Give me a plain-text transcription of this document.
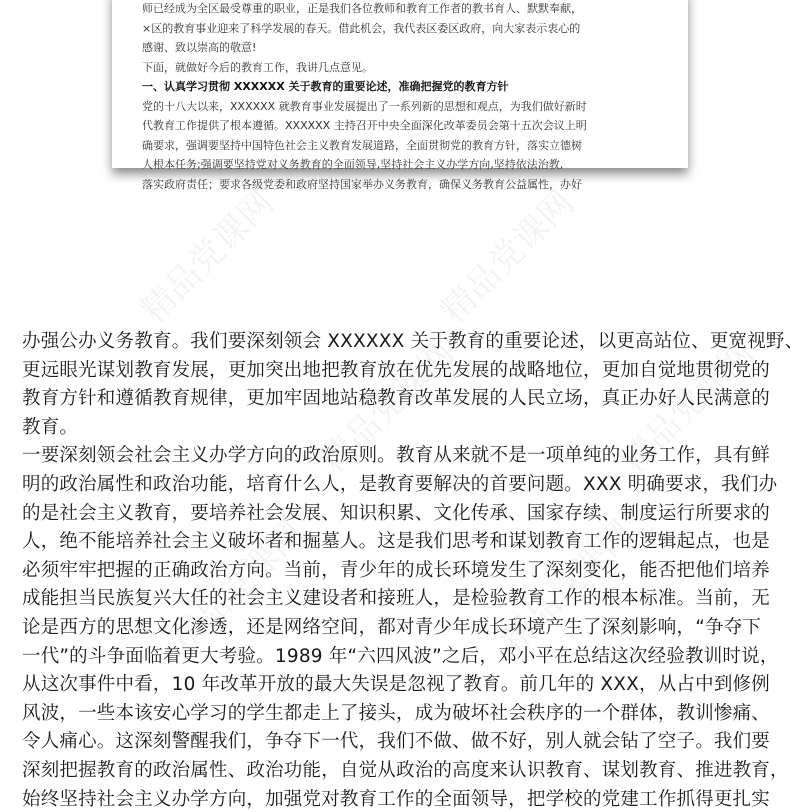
师已经成为全区最受尊重的职业，正是我们各位教师和教育工作者的教书育人、默默奉献，
×区的教育事业迎来了科学发展的春天。借此机会，我代表区委区政府，向大家表示衷心的
感谢、致以崇高的敬意!
下面，就做好今后的教育工作，我讲几点意见。
一、认真学习贯彻 XXXXXX 关于教育的重要论述，准确把握党的教育方针
党的十八大以来，XXXXXX 就教育事业发展提出了一系列新的思想和观点，为我们做好新时
代教育工作提供了根本遵循。XXXXXX 主持召开中央全面深化改革委员会第十五次会议上明
确要求，强调要坚持中国特色社会主义教育发展道路，全面贯彻党的教育方针，落实立德树
人根本任务;强调要坚持党对义务教育的全面领导,坚持社会主义办学方向,坚持依法治教,
落实政府责任；要求各级党委和政府坚持国家举办义务教育，确保义务教育公益属性，办好
办强公办义务教育。我们要深刻领会 XXXXXX 关于教育的重要论述，以更高站位、更宽视野、
更远眼光谋划教育发展，更加突出地把教育放在优先发展的战略地位，更加自觉地贯彻党的
教育方针和遵循教育规律，更加牢固地站稳教育改革发展的人民立场，真正办好人民满意的
教育。
一要深刻领会社会主义办学方向的政治原则。教育从来就不是一项单纯的业务工作，具有鲜
明的政治属性和政治功能，培育什么人，是教育要解决的首要问题。XXX 明确要求，我们办
的是社会主义教育，要培养社会发展、知识积累、文化传承、国家存续、制度运行所要求的
人，绝不能培养社会主义破坏者和掘墓人。这是我们思考和谋划教育工作的逻辑起点，也是
必须牢牢把握的正确政治方向。当前，青少年的成长环境发生了深刻变化，能否把他们培养
成能担当民族复兴大任的社会主义建设者和接班人，是检验教育工作的根本标准。当前，无
论是西方的思想文化渗透，还是网络空间，都对青少年成长环境产生了深刻影响，“争夺下
一代”的斗争面临着更大考验。1989 年“六四风波”之后，邓小平在总结这次经验教训时说，
从这次事件中看，10 年改革开放的最大失误是忽视了教育。前几年的 XXX，从占中到修例
风波，一些本该安心学习的学生都走上了接头，成为破坏社会秩序的一个群体，教训惨痛、
令人痛心。这深刻警醒我们，争夺下一代，我们不做、做不好，别人就会钻了空子。我们要
深刻把握教育的政治属性、政治功能，自觉从政治的高度来认识教育、谋划教育、推进教育，
始终坚持社会主义办学方向，加强党对教育工作的全面领导，把学校的党建工作抓得更扎实
精品党课网	精品党课网
精品党课网	精品党课网
精品党课网	精品党课网
